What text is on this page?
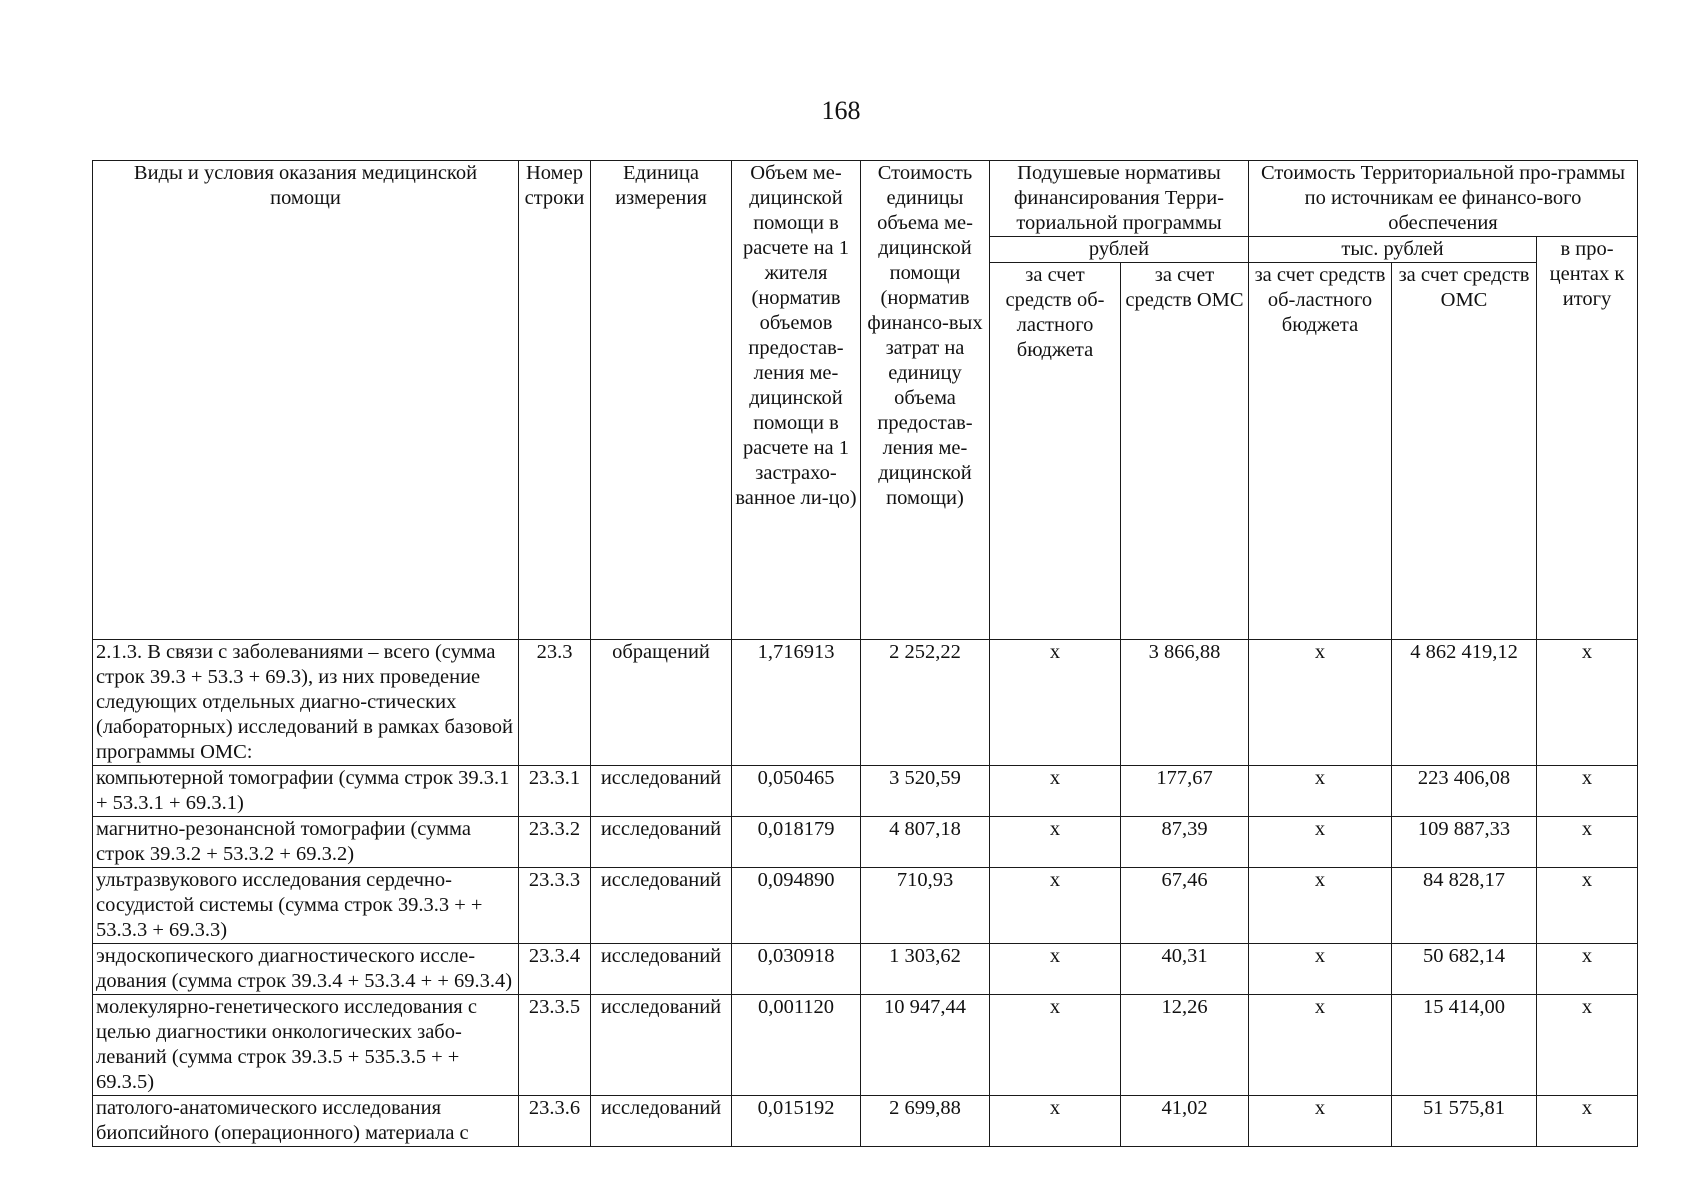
168
Виды и условия оказания медицинской помощи	Номер строки	Единица измерения	Объем ме-дицинской помощи в расчете на 1 жителя (норматив объемов предостав-ления ме-дицинской помощи в расчете на 1 застрахо-ванное ли-цо)	Стоимость единицы объема ме-дицинской помощи (норматив финансо-вых затрат на единицу объема предостав-ления ме-дицинской помощи)	Подушевые нормативы финансирования Терри-ториальной программы		Стоимость Территориальной про-граммы по источникам ее финансо-вого обеспечения		
					рублей		тыс. рублей		в про-центах к итогу
					за счет средств об-ластного бюджета	за счет средств ОМС	за счет средств об-ластного бюджета	за счет средств ОМС	
2.1.3. В связи с заболеваниями – всего (сумма строк 39.3 + 53.3 + 69.3), из них проведение следующих отдельных диагно-стических (лабораторных) исследований в рамках базовой программы ОМС:	23.3	обращений	1,716913	2 252,22	х	3 866,88	х	4 862 419,12	х
компьютерной томографии (сумма строк 39.3.1 + 53.3.1 + 69.3.1)	23.3.1	исследований	0,050465	3 520,59	х	177,67	х	223 406,08	х
магнитно-резонансной томографии (сумма строк 39.3.2 + 53.3.2 + 69.3.2)	23.3.2	исследований	0,018179	4 807,18	х	87,39	х	109 887,33	х
ультразвукового исследования сердечно-сосудистой системы (сумма строк 39.3.3 + + 53.3.3 + 69.3.3)	23.3.3	исследований	0,094890	710,93	х	67,46	х	84 828,17	х
эндоскопического диагностического иссле-дования (сумма строк 39.3.4 + 53.3.4 + + 69.3.4)	23.3.4	исследований	0,030918	1 303,62	х	40,31	х	50 682,14	х
молекулярно-генетического исследования с целью диагностики онкологических забо-леваний (сумма строк 39.3.5 + 535.3.5 + + 69.3.5)	23.3.5	исследований	0,001120	10 947,44	х	12,26	х	15 414,00	х
патолого-анатомического исследования биопсийного (операционного) материала с	23.3.6	исследований	0,015192	2 699,88	х	41,02	х	51 575,81	х
